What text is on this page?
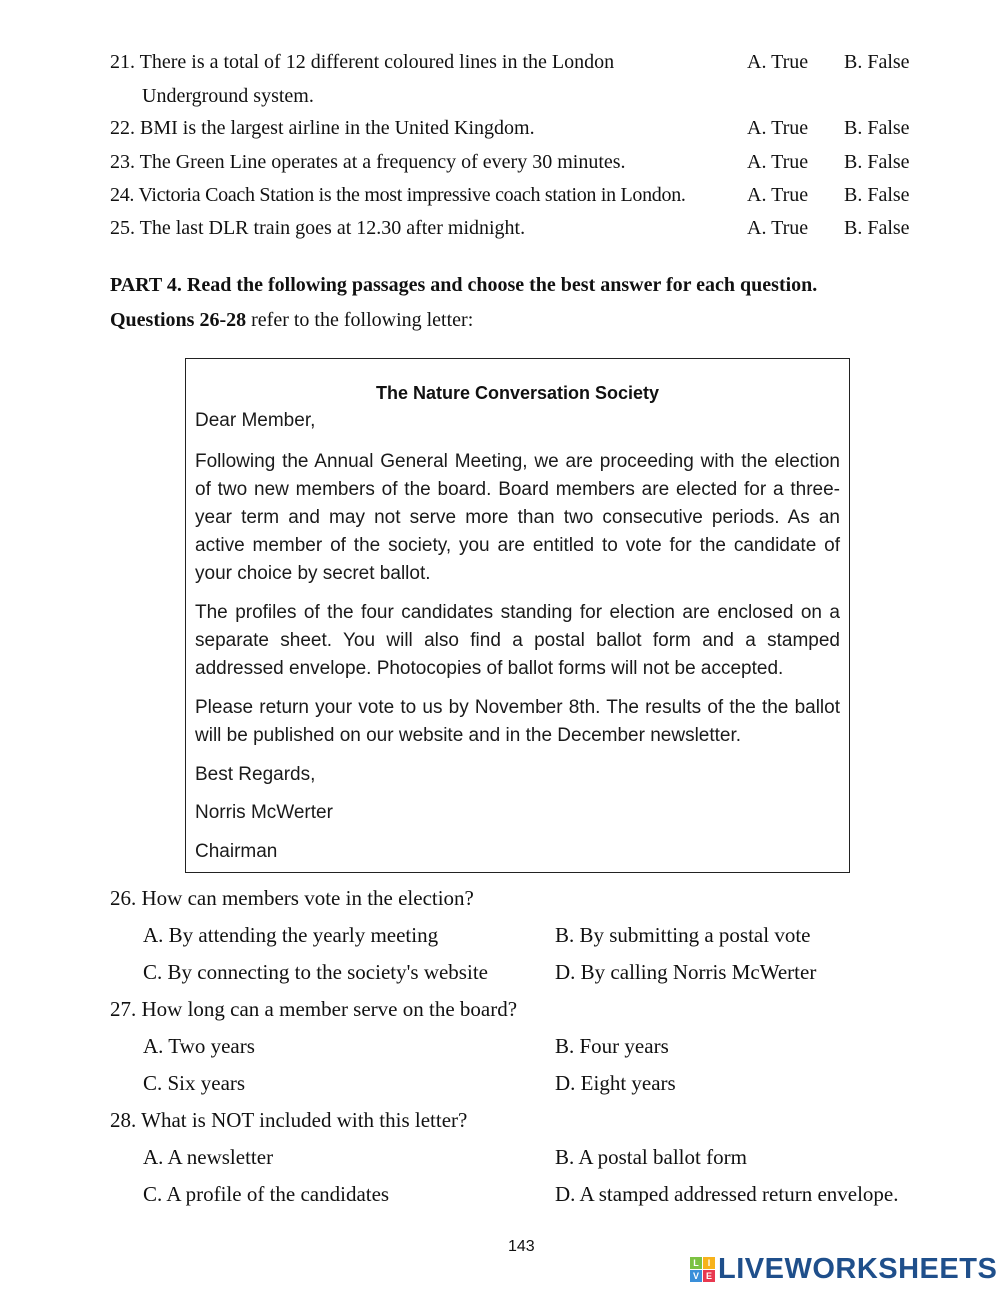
21. There is a total of 12 different coloured lines in the London	A. True B. False
Underground system.
22. BMI is the largest airline in the United Kingdom.	A. True B. False
23. The Green Line operates at a frequency of every 30 minutes.	A. True B. False
24. Victoria Coach Station is the most impressive coach station in London.	A. True B. False
25. The last DLR train goes at 12.30 after midnight.	A. True B. False
PART 4. Read the following passages and choose the best answer for each question.
Questions 26-28 refer to the following letter:
The Nature Conversation Society
Dear Member,
Following the Annual General Meeting, we are proceeding with the election of two new members of the board. Board members are elected for a three-year term and may not serve more than two consecutive periods. As an active member of the society, you are entitled to vote for the candidate of your choice by secret ballot.
The profiles of the four candidates standing for election are enclosed on a separate sheet. You will also find a postal ballot form and a stamped addressed envelope. Photocopies of ballot forms will not be accepted.
Please return your vote to us by November 8th. The results of the the ballot will be published on our website and in the December newsletter.
Best Regards,
Norris McWerter
Chairman
26. How can members vote in the election?
A. By attending the yearly meeting	B. By submitting a postal vote
C. By connecting to the society's website	D. By calling Norris McWerter
27. How long can a member serve on the board?
A. Two years	B. Four years
C. Six years	D. Eight years
28. What is NOT included with this letter?
A. A newsletter	B. A postal ballot form
C. A profile of the candidates	D. A stamped addressed return envelope.
143
L I
V E LIVEWORKSHEETS
